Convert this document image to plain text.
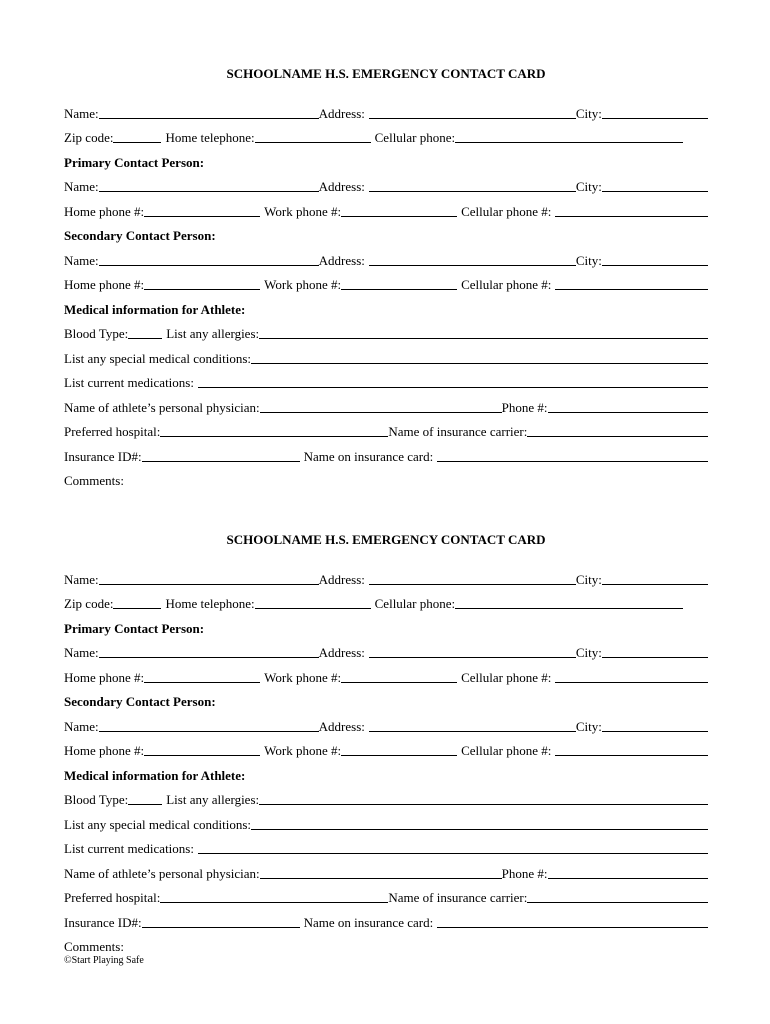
SCHOOLNAME H.S. EMERGENCY CONTACT CARD
Name:	Address:	City:
Zip code:	Home telephone:	Cellular phone:
Primary Contact Person:
Name:	Address:	City:
Home phone #:	Work phone #:	Cellular phone #:
Secondary Contact Person:
Name:	Address:	City:
Home phone #:	Work phone #:	Cellular phone #:
Medical information for Athlete:
Blood Type:	List any allergies:
List any special medical conditions:
List current medications:
Name of athlete’s personal physician:	Phone #:
Preferred hospital:	Name of insurance carrier:
Insurance ID#:	Name on insurance card:
Comments:
SCHOOLNAME H.S. EMERGENCY CONTACT CARD
Name:	Address:	City:
Zip code:	Home telephone:	Cellular phone:
Primary Contact Person:
Name:	Address:	City:
Home phone #:	Work phone #:	Cellular phone #:
Secondary Contact Person:
Name:	Address:	City:
Home phone #:	Work phone #:	Cellular phone #:
Medical information for Athlete:
Blood Type:	List any allergies:
List any special medical conditions:
List current medications:
Name of athlete’s personal physician:	Phone #:
Preferred hospital:	Name of insurance carrier:
Insurance ID#:	Name on insurance card:
Comments:
©Start Playing Safe
